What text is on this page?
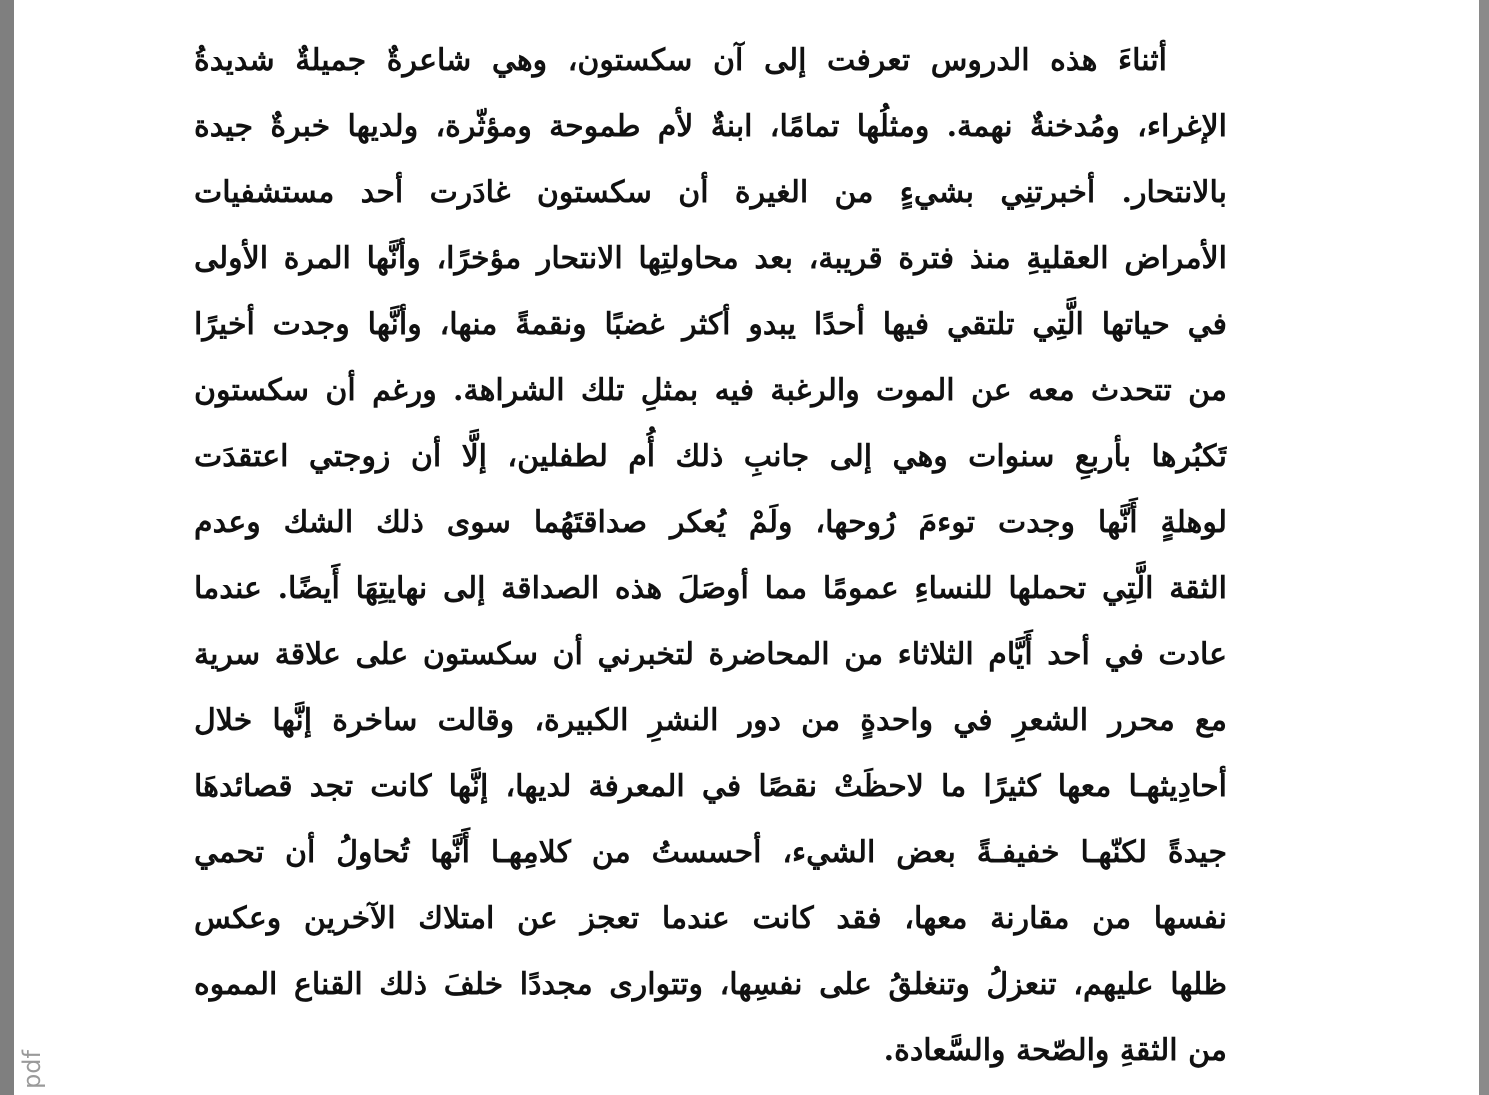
pdf
أثناءَ هذه الدروس تعرفت إلى آن سكستون، وهي شاعرةٌ جميلةٌ شديدةُ
الإغراء، ومُدخنةٌ نهمة. ومثلُها تمامًا، ابنةٌ لأم طموحة ومؤثّرة، ولديها خبرةٌ جيدة
بالانتحار. أخبرتنِي بشيءٍ من الغيرة أن سكستون غادَرت أحد مستشفيات
الأمراض العقليةِ منذ فترة قريبة، بعد محاولتِها الانتحار مؤخرًا، وأنَّها المرة الأولى
في حياتها الَّتِي تلتقي فيها أحدًا يبدو أكثر غضبًا ونقمةً منها، وأنَّها وجدت أخيرًا
من تتحدث معه عن الموت والرغبة فيه بمثلِ تلك الشراهة. ورغم أن سكستون
تَكبُرها بأربعِ سنوات وهي إلى جانبِ ذلك أُم لطفلين، إلَّا أن زوجتي اعتقدَت
لوهلةٍ أَنَّها وجدت توءمَ رُوحها، ولَمْ يُعكر صداقتَهُما سوى ذلك الشك وعدم
الثقة الَّتِي تحملها للنساءِ عمومًا مما أوصَلَ هذه الصداقة إلى نهايتِهَا أَيضًا. عندما
عادت في أحد أَيَّام الثلاثاء من المحاضرة لتخبرني أن سكستون على علاقة سرية
مع محرر الشعرِ في واحدةٍ من دور النشرِ الكبيرة، وقالت ساخرة إنَّها خلال
أحادِيثهـا معها كثيرًا ما لاحظَتْ نقصًا في المعرفة لديها، إنَّها كانت تجد قصائدهَا
جيدةً لكنّهـا خفيفـةً بعض الشيء، أحسستُ من كلامِهـا أَنَّها تُحاولُ أن تحمي
نفسها من مقارنة معها، فقد كانت عندما تعجز عن امتلاك الآخرين وعكس
ظلها عليهم، تنعزلُ وتنغلقُ على نفسِها، وتتوارى مجددًا خلفَ ذلك القناع المموه
من الثقةِ والصّحة والسَّعادة.
